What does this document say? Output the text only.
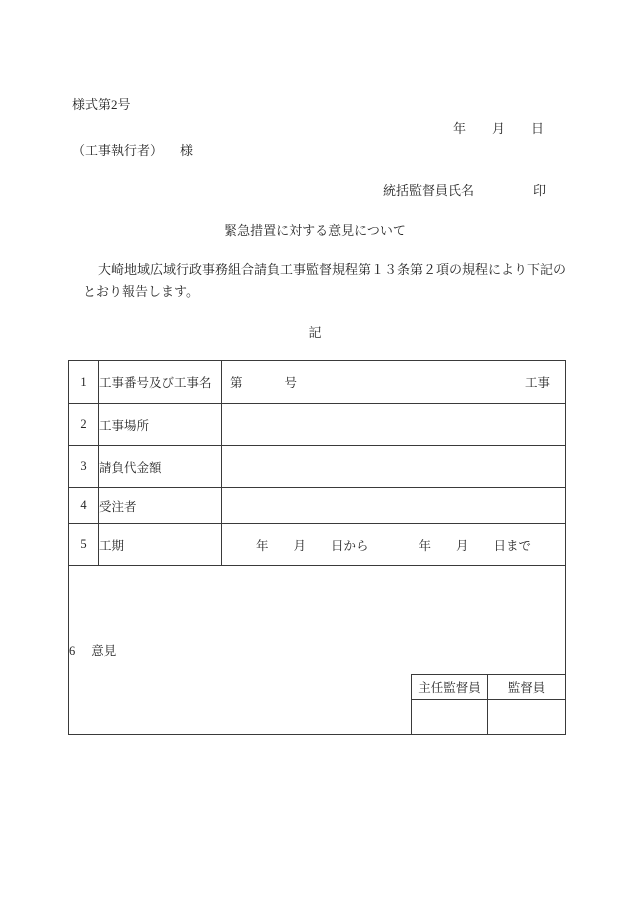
様式第2号
年　　月　　日
（工事執行者） 様
統括監督員氏名	印
緊急措置に対する意見について
大崎地域広域行政事務組合請負工事監督規程第１３条第２項の規程により下記の
とおり報告します。
記
1	工事番号及び工事名	第	号	工事

2	工事場所	
3	請負代金額	
4	受注者	
5	工期	年　　月　　日から　　　　年　　月　　日まで
6 意見
主任監督員	監督員
